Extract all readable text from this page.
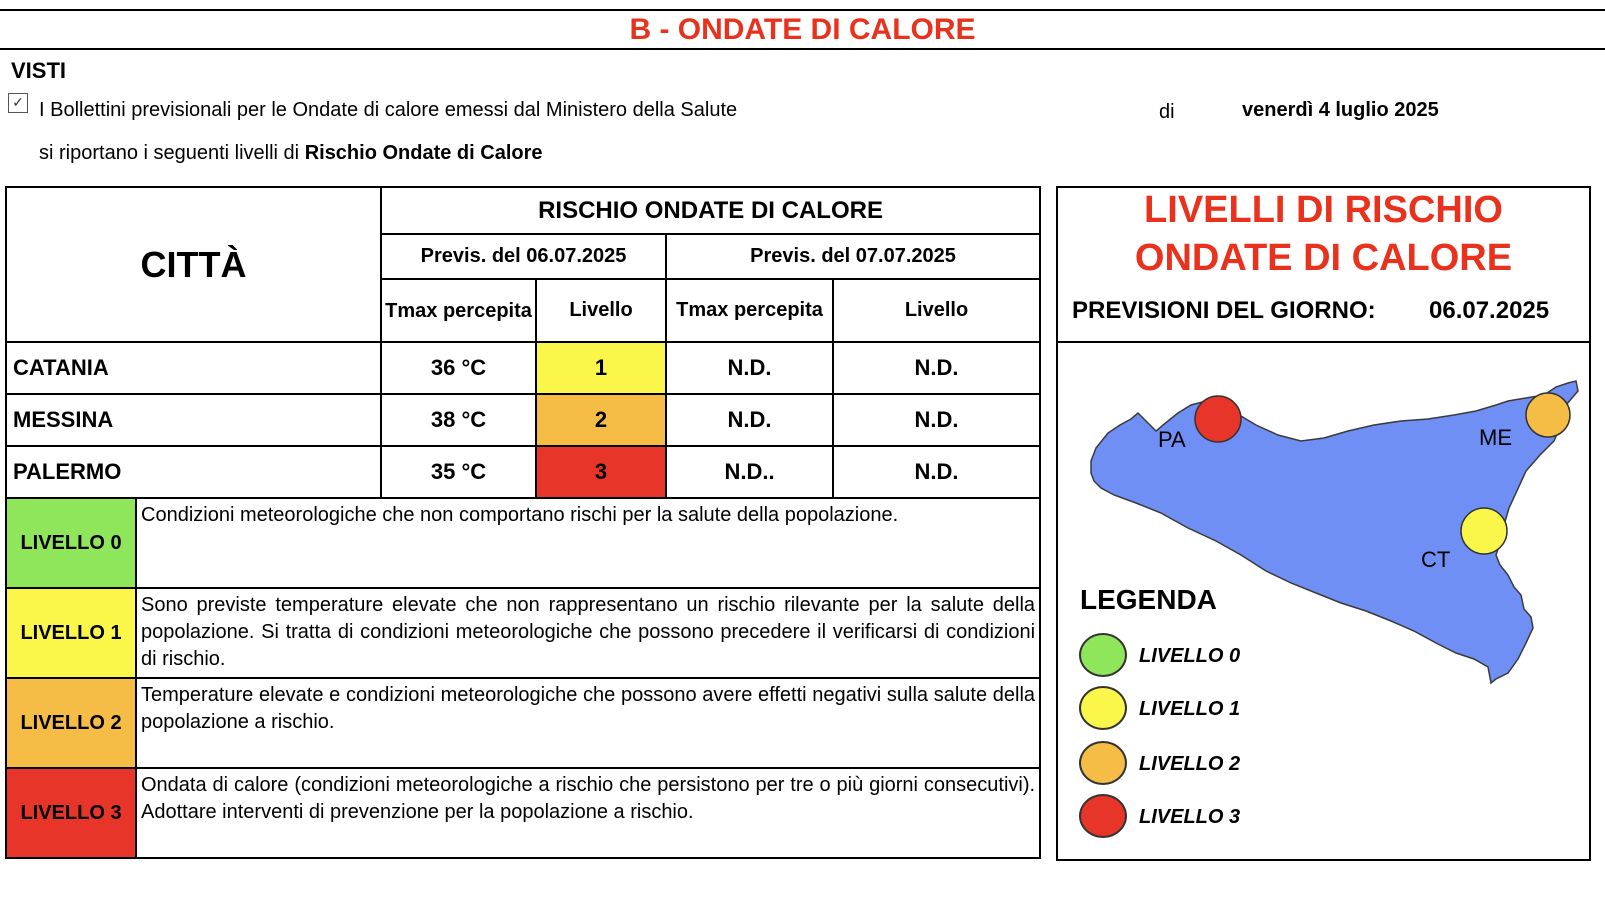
B - ONDATE DI CALORE
VISTI
✓ I Bollettini previsionali per le Ondate di calore emessi dal Ministero della Salute	di	venerdì 4 luglio 2025
si riportano i seguenti livelli di Rischio Ondate di Calore
CITTÀ		RISCHIO ONDATE DI CALORE			
		Previs. del 06.07.2025		Previs. del 07.07.2025	
		Tmax percepita	Livello	Tmax percepita	Livello
CATANIA		36 °C	1	N.D.	N.D.
MESSINA		38 °C	2	N.D.	N.D.
PALERMO		35 °C	3	N.D..	N.D.
LIVELLO 0	Condizioni meteorologiche che non comportano rischi per la salute della popolazione.				
LIVELLO 1	Sono previste temperature elevate che non rappresentano un rischio rilevante per la salute della popolazione. Si tratta di condizioni meteorologiche che possono precedere il verificarsi di condizioni di rischio.				
LIVELLO 2	Temperature elevate e condizioni meteorologiche che possono avere effetti negativi sulla salute della popolazione a rischio.				
LIVELLO 3	Ondata di calore (condizioni meteorologiche a rischio che persistono per tre o più giorni consecutivi). Adottare interventi di prevenzione per la popolazione a rischio.				
LIVELLI DI RISCHIO
ONDATE DI CALORE
PREVISIONI DEL GIORNO: 06.07.2025
PA	ME
CT
LEGENDA
LIVELLO 0
LIVELLO 1
LIVELLO 2
LIVELLO 3
